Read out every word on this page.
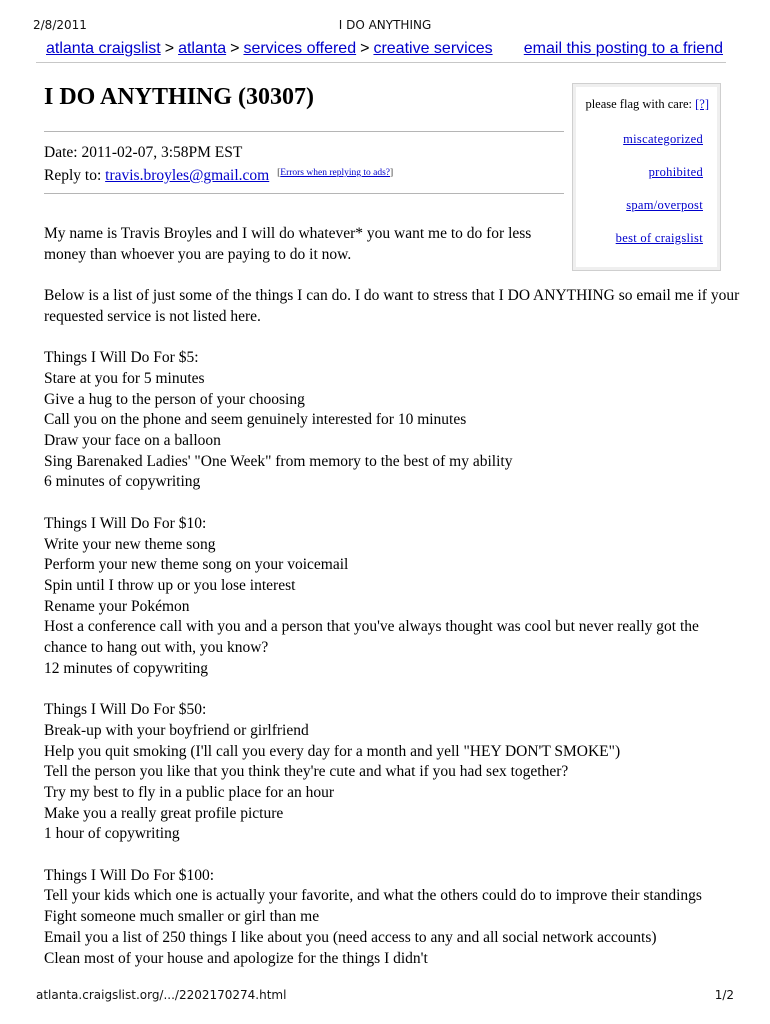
2/8/2011	I DO ANYTHING
atlanta craigslist > atlanta > services offered > creative services email this posting to a friend
I DO ANYTHING (30307)
Date: 2011-02-07, 3:58PM EST
Reply to: travis.broyles@gmail.com [Errors when replying to ads?]
please flag with care: [?]
miscategorized
prohibited
spam/overpost
best of craigslist
My name is Travis Broyles and I will do whatever* you want me to do for less money than whoever you are paying to do it now.
Below is a list of just some of the things I can do. I do want to stress that I DO ANYTHING so email me if your requested service is not listed here.
Things I Will Do For $5:
Stare at you for 5 minutes
Give a hug to the person of your choosing
Call you on the phone and seem genuinely interested for 10 minutes
Draw your face on a balloon
Sing Barenaked Ladies' "One Week" from memory to the best of my ability
6 minutes of copywriting
Things I Will Do For $10:
Write your new theme song
Perform your new theme song on your voicemail
Spin until I throw up or you lose interest
Rename your Pokémon
Host a conference call with you and a person that you've always thought was cool but never really got the chance to hang out with, you know?
12 minutes of copywriting
Things I Will Do For $50:
Break-up with your boyfriend or girlfriend
Help you quit smoking (I'll call you every day for a month and yell "HEY DON'T SMOKE")
Tell the person you like that you think they're cute and what if you had sex together?
Try my best to fly in a public place for an hour
Make you a really great profile picture
1 hour of copywriting
Things I Will Do For $100:
Tell your kids which one is actually your favorite, and what the others could do to improve their standings
Fight someone much smaller or girl than me
Email you a list of 250 things I like about you (need access to any and all social network accounts)
Clean most of your house and apologize for the things I didn't
atlanta.craigslist.org/.../2202170274.html	1/2
